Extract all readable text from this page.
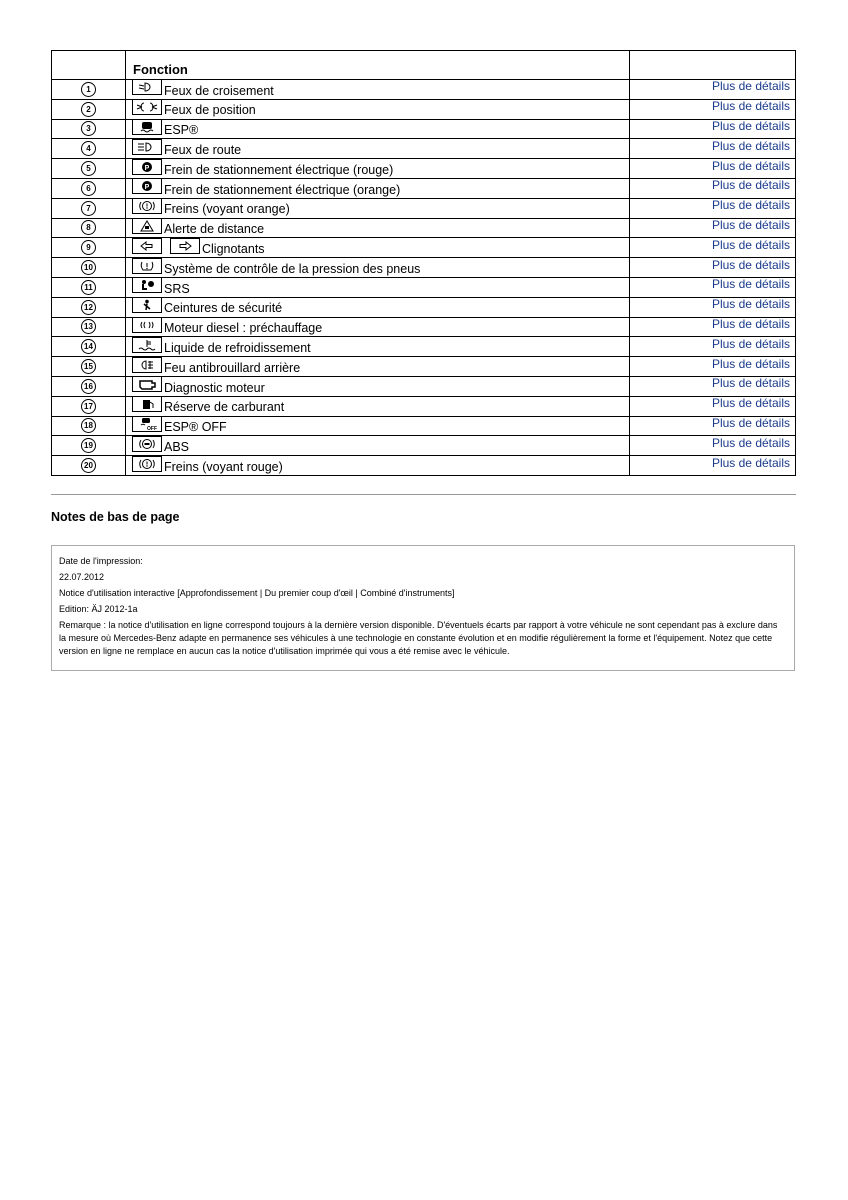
	Fonction	

1	Feux de croisement	Plus de détails

2	Feux de position	Plus de détails

3	ESP®	Plus de détails

4	Feux de route	Plus de détails

5	P Frein de stationnement électrique (rouge)	Plus de détails

6	P Frein de stationnement électrique (orange)	Plus de détails

7	Freins (voyant orange)	Plus de détails

8	Alerte de distance	Plus de détails

9	Clignotants	Plus de détails

10	Système de contrôle de la pression des pneus	Plus de détails

11	SRS	Plus de détails

12	Ceintures de sécurité	Plus de détails

13	Moteur diesel : préchauffage	Plus de détails

14	Liquide de refroidissement	Plus de détails

15	Feu antibrouillard arrière	Plus de détails

16	Diagnostic moteur	Plus de détails

17	Réserve de carburant	Plus de détails

18	OFF ESP® OFF	Plus de détails

19	ABS	Plus de détails

20	Freins (voyant rouge)	Plus de détails
Notes de bas de page

Date de l'impression:

22.07.2012

Notice d'utilisation interactive [Approfondissement | Du premier coup d'œil | Combiné d'instruments]

Edition: ÄJ 2012-1a

Remarque : la notice d'utilisation en ligne correspond toujours à la dernière version disponible. D'éventuels écarts par rapport à votre véhicule ne sont cependant pas à exclure dans la mesure où Mercedes-Benz adapte en permanence ses véhicules à une technologie en constante évolution et en modifie régulièrement la forme et l'équipement. Notez que cette version en ligne ne remplace en aucun cas la notice d'utilisation imprimée qui vous a été remise avec le véhicule.
